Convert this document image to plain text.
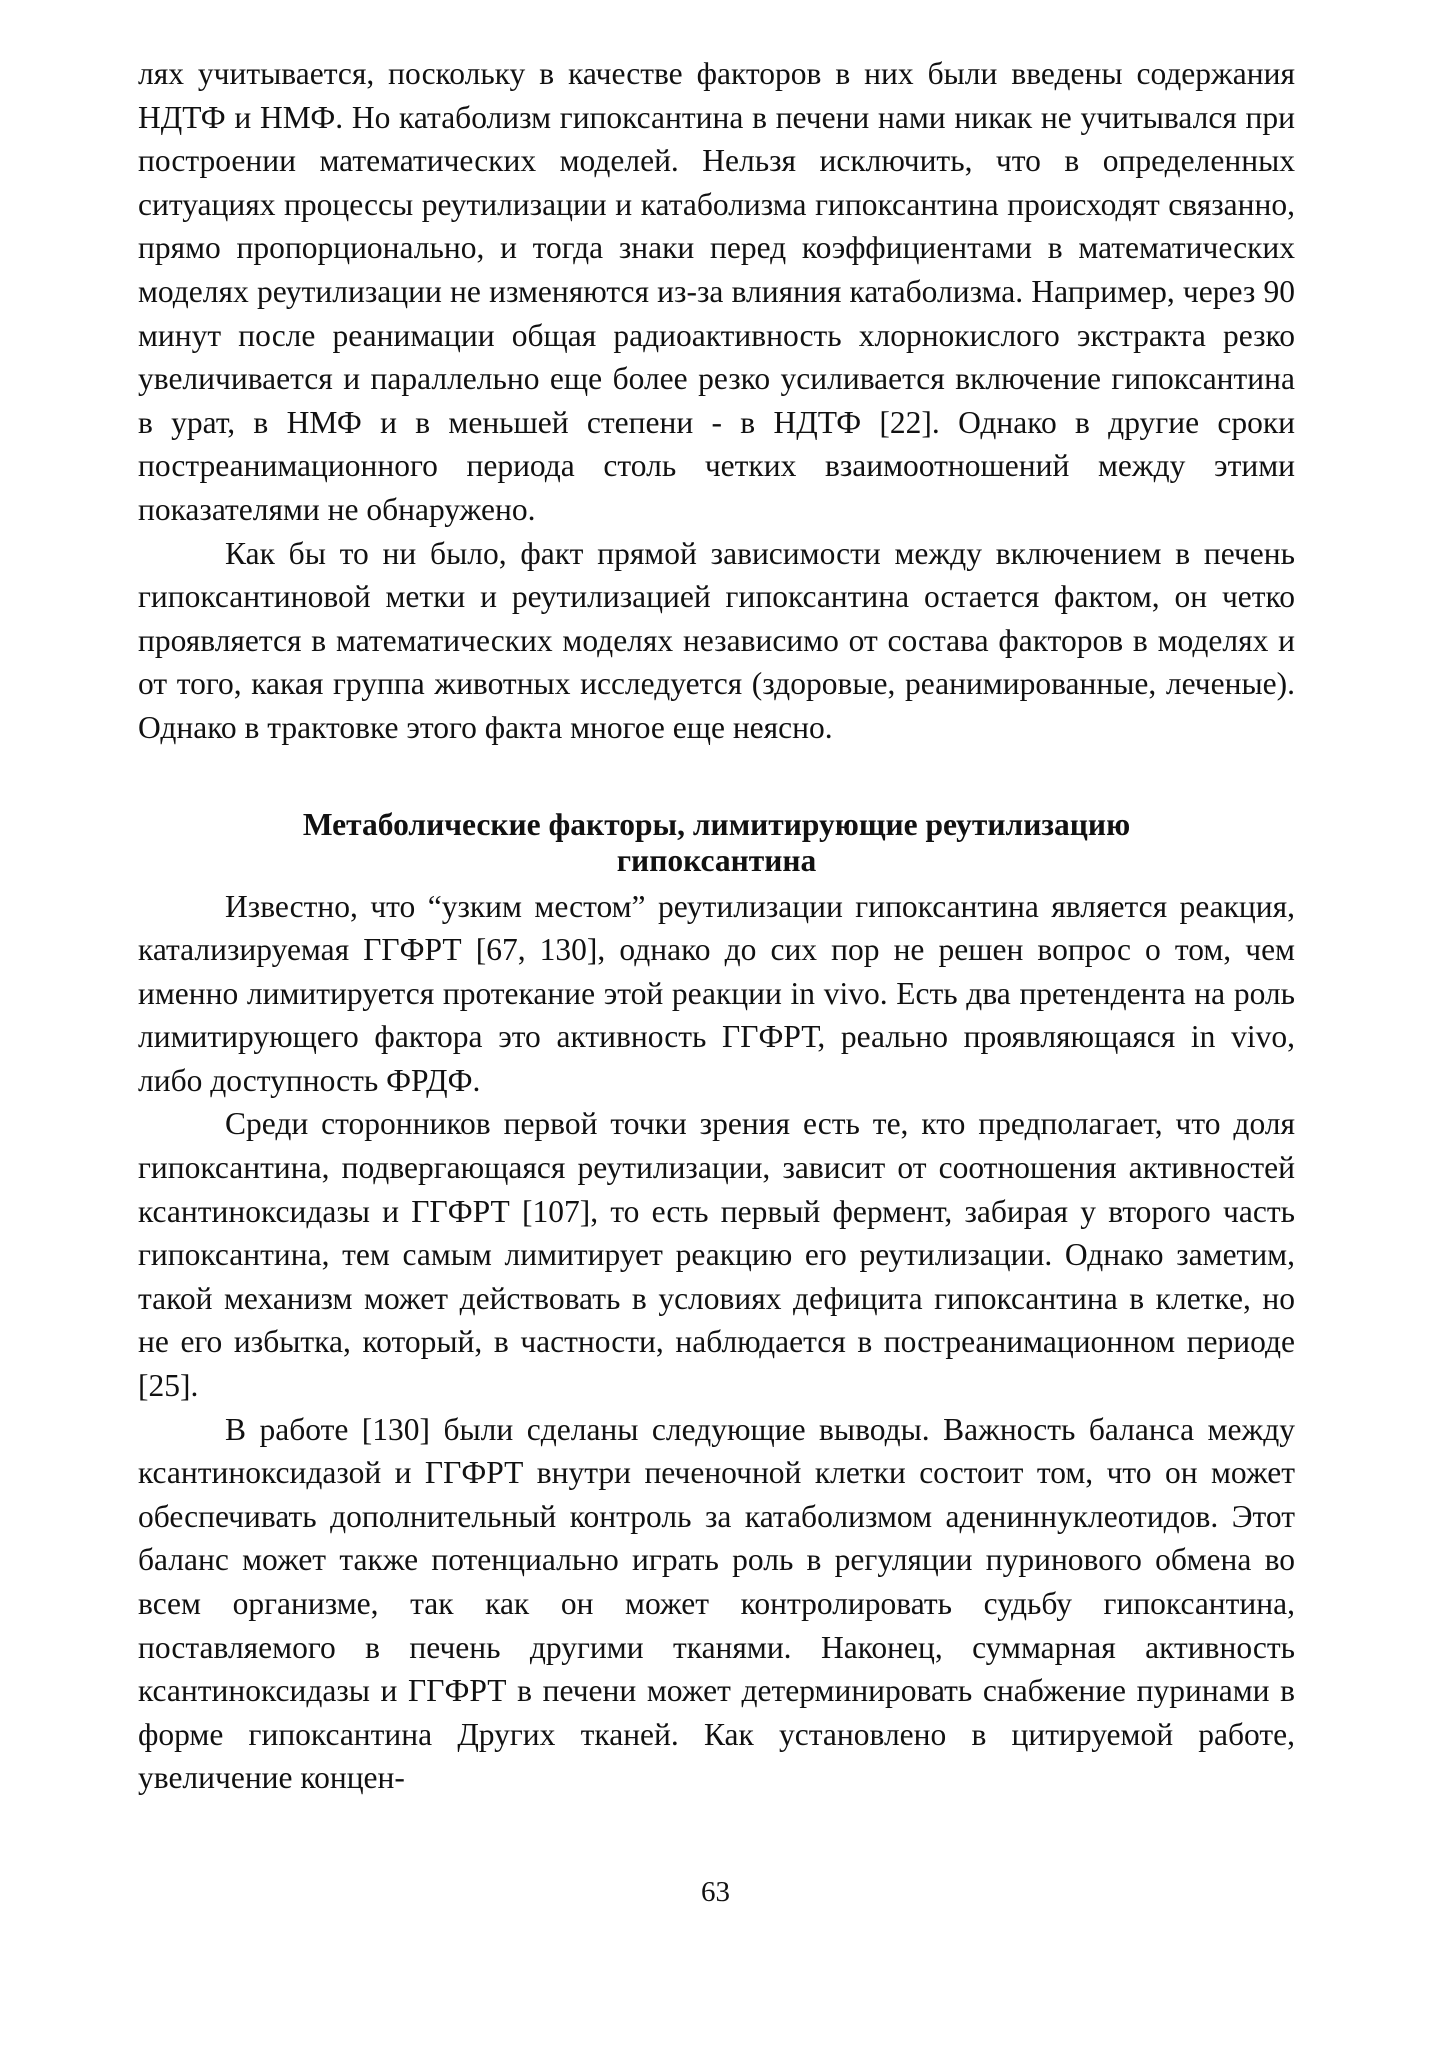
лях учитывается, поскольку в качестве факторов в них были введены содержания НДТФ и НМФ. Но катаболизм гипоксантина в печени нами никак не учитывался при построении математических моделей. Нельзя исключить, что в определенных ситуациях процессы реутилизации и катаболизма гипоксантина происходят связанно, прямо пропорционально, и тогда знаки перед коэффициентами в математических моделях реутилизации не изменяются из-за влияния катаболизма. Например, через 90 минут после реанимации общая радиоактивность хлорнокислого экстракта резко увеличивается и параллельно еще более резко усиливается включение гипоксантина в урат, в НМФ и в меньшей степени - в НДТФ [22]. Однако в другие сроки постреанимационного периода столь четких взаимоотношений между этими показателями не обнаружено.

Как бы то ни было, факт прямой зависимости между включением в печень гипоксантиновой метки и реутилизацией гипоксантина остается фактом, он четко проявляется в математических моделях независимо от состава факторов в моделях и от того, какая группа животных исследуется (здоровые, реанимированные, леченые). Однако в трактовке этого факта многое еще неясно.

Метаболические факторы, лимитирующие реутилизацию
гипоксантина

Известно, что “узким местом” реутилизации гипоксантина является реакция, катализируемая ГГФРТ [67, 130], однако до сих пор не решен вопрос о том, чем именно лимитируется протекание этой реакции in vivo. Есть два претендента на роль лимитирующего фактора это активность ГГФРТ, реально проявляющаяся in vivo, либо доступность ФРДФ.

Среди сторонников первой точки зрения есть те, кто предполагает, что доля гипоксантина, подвергающаяся реутилизации, зависит от соотношения активностей ксантиноксидазы и ГГФРТ [107], то есть первый фермент, забирая у второго часть гипоксантина, тем самым лимитирует реакцию его реутилизации. Однако заметим, такой механизм может действовать в условиях дефицита гипоксантина в клетке, но не его избытка, который, в частности, наблюдается в постреанимационном периоде [25].

В работе [130] были сделаны следующие выводы. Важность баланса между ксантиноксидазой и ГГФРТ внутри печеночной клетки состоит том, что он может обеспечивать дополнительный контроль за катаболизмом адениннуклеотидов. Этот баланс может также потенциально играть роль в регуляции пуринового обмена во всем организме, так как он может контролировать судьбу гипоксантина, поставляемого в печень другими тканями. Наконец, суммарная активность ксантиноксидазы и ГГФРТ в печени может детерминировать снабжение пуринами в форме гипоксантина Других тканей. Как установлено в цитируемой работе, увеличение концен-

63
